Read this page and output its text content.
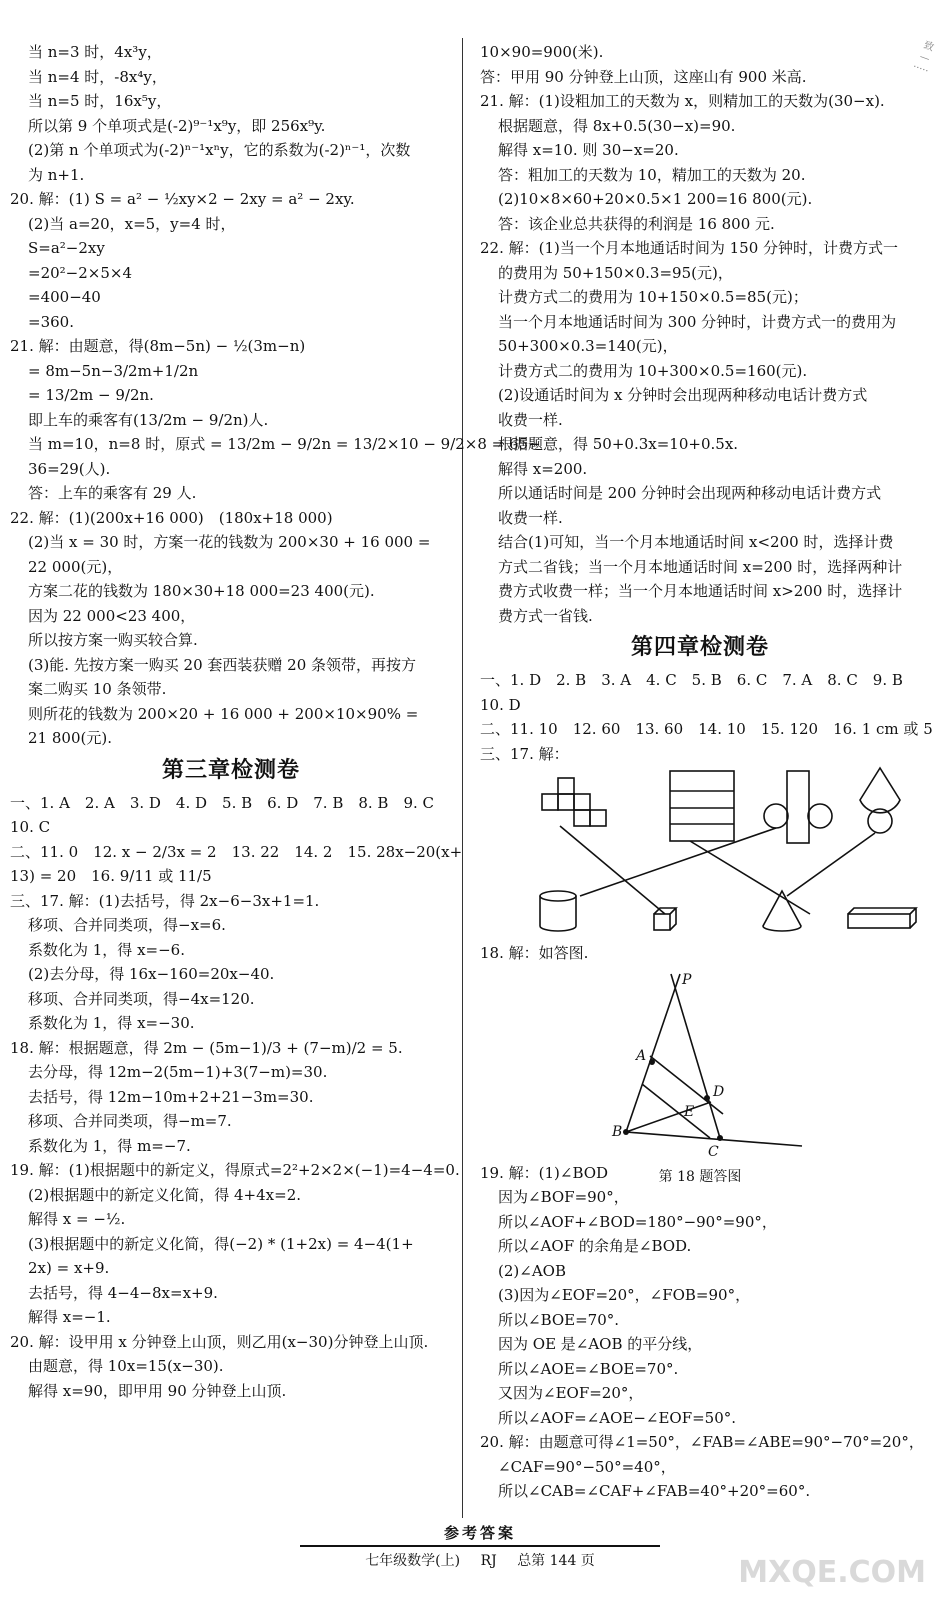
致
—
·····
当 n=3 时，4x³y，
当 n=4 时，-8x⁴y，
当 n=5 时，16x⁵y，
所以第 9 个单项式是(-2)⁹⁻¹x⁹y，即 256x⁹y.
(2)第 n 个单项式为(-2)ⁿ⁻¹xⁿy，它的系数为(-2)ⁿ⁻¹，次数
为 n+1.
20. 解：(1) S = a² − ½xy×2 − 2xy = a² − 2xy.
(2)当 a=20，x=5，y=4 时，
S=a²−2xy
=20²−2×5×4
=400−40
=360.
21. 解：由题意，得(8m−5n) − ½(3m−n)
= 8m−5n−3/2m+1/2n
= 13/2m − 9/2n.
即上车的乘客有(13/2m − 9/2n)人.
当 m=10，n=8 时，原式 = 13/2m − 9/2n = 13/2×10 − 9/2×8 = 65−
36=29(人).
答：上车的乘客有 29 人.
22. 解：(1)(200x+16 000)　(180x+18 000)
(2)当 x = 30 时，方案一花的钱数为 200×30 + 16 000 =
22 000(元)，
方案二花的钱数为 180×30+18 000=23 400(元).
因为 22 000<23 400，
所以按方案一购买较合算.
(3)能. 先按方案一购买 20 套西装获赠 20 条领带，再按方
案二购买 10 条领带.
则所花的钱数为 200×20 + 16 000 + 200×10×90% =
21 800(元).
第三章检测卷
一、1. A　2. A　3. D　4. D　5. B　6. D　7. B　8. B　9. C
10. C
二、11. 0　12. x − 2/3x = 2　13. 22　14. 2　15. 28x−20(x+
13) = 20　16. 9/11 或 11/5
三、17. 解：(1)去括号，得 2x−6−3x+1=1.
移项、合并同类项，得−x=6.
系数化为 1，得 x=−6.
(2)去分母，得 16x−160=20x−40.
移项、合并同类项，得−4x=120.
系数化为 1，得 x=−30.
18. 解：根据题意，得 2m − (5m−1)/3 + (7−m)/2 = 5.
去分母，得 12m−2(5m−1)+3(7−m)=30.
去括号，得 12m−10m+2+21−3m=30.
移项、合并同类项，得−m=7.
系数化为 1，得 m=−7.
19. 解：(1)根据题中的新定义，得原式=2²+2×2×(−1)=4−4=0.
(2)根据题中的新定义化简，得 4+4x=2.
解得 x = −½.
(3)根据题中的新定义化简，得(−2) * (1+2x) = 4−4(1+
2x) = x+9.
去括号，得 4−4−8x=x+9.
解得 x=−1.
20. 解：设甲用 x 分钟登上山顶，则乙用(x−30)分钟登上山顶.
由题意，得 10x=15(x−30).
解得 x=90，即甲用 90 分钟登上山顶.
10×90=900(米).
答：甲用 90 分钟登上山顶，这座山有 900 米高.
21. 解：(1)设粗加工的天数为 x，则精加工的天数为(30−x).
根据题意，得 8x+0.5(30−x)=90.
解得 x=10. 则 30−x=20.
答：粗加工的天数为 10，精加工的天数为 20.
(2)10×8×60+20×0.5×1 200=16 800(元).
答：该企业总共获得的利润是 16 800 元.
22. 解：(1)当一个月本地通话时间为 150 分钟时，计费方式一
的费用为 50+150×0.3=95(元)，
计费方式二的费用为 10+150×0.5=85(元)；
当一个月本地通话时间为 300 分钟时，计费方式一的费用为
50+300×0.3=140(元)，
计费方式二的费用为 10+300×0.5=160(元).
(2)设通话时间为 x 分钟时会出现两种移动电话计费方式
收费一样.
根据题意，得 50+0.3x=10+0.5x.
解得 x=200.
所以通话时间是 200 分钟时会出现两种移动电话计费方式
收费一样.
结合(1)可知，当一个月本地通话时间 x<200 时，选择计费
方式二省钱；当一个月本地通话时间 x=200 时，选择两种计
费方式收费一样；当一个月本地通话时间 x>200 时，选择计
费方式一省钱.
第四章检测卷
一、1. D　2. B　3. A　4. C　5. B　6. C　7. A　8. C　9. B
10. D
二、11. 10　12. 60　13. 60　14. 10　15. 120　16. 1 cm 或 5
三、17. 解：
18. 解：如答图.
P
A
D
E
B
C
第 18 题答图
19. 解：(1)∠BOD
因为∠BOF=90°，
所以∠AOF+∠BOD=180°−90°=90°，
所以∠AOF 的余角是∠BOD.
(2)∠AOB
(3)因为∠EOF=20°，∠FOB=90°，
所以∠BOE=70°.
因为 OE 是∠AOB 的平分线，
所以∠AOE=∠BOE=70°.
又因为∠EOF=20°，
所以∠AOF=∠AOE−∠EOF=50°.
20. 解：由题意可得∠1=50°，∠FAB=∠ABE=90°−70°=20°，
∠CAF=90°−50°=40°，
所以∠CAB=∠CAF+∠FAB=40°+20°=60°.
参考答案
七年级数学(上) RJ 总第 144 页	MXQE.COM
